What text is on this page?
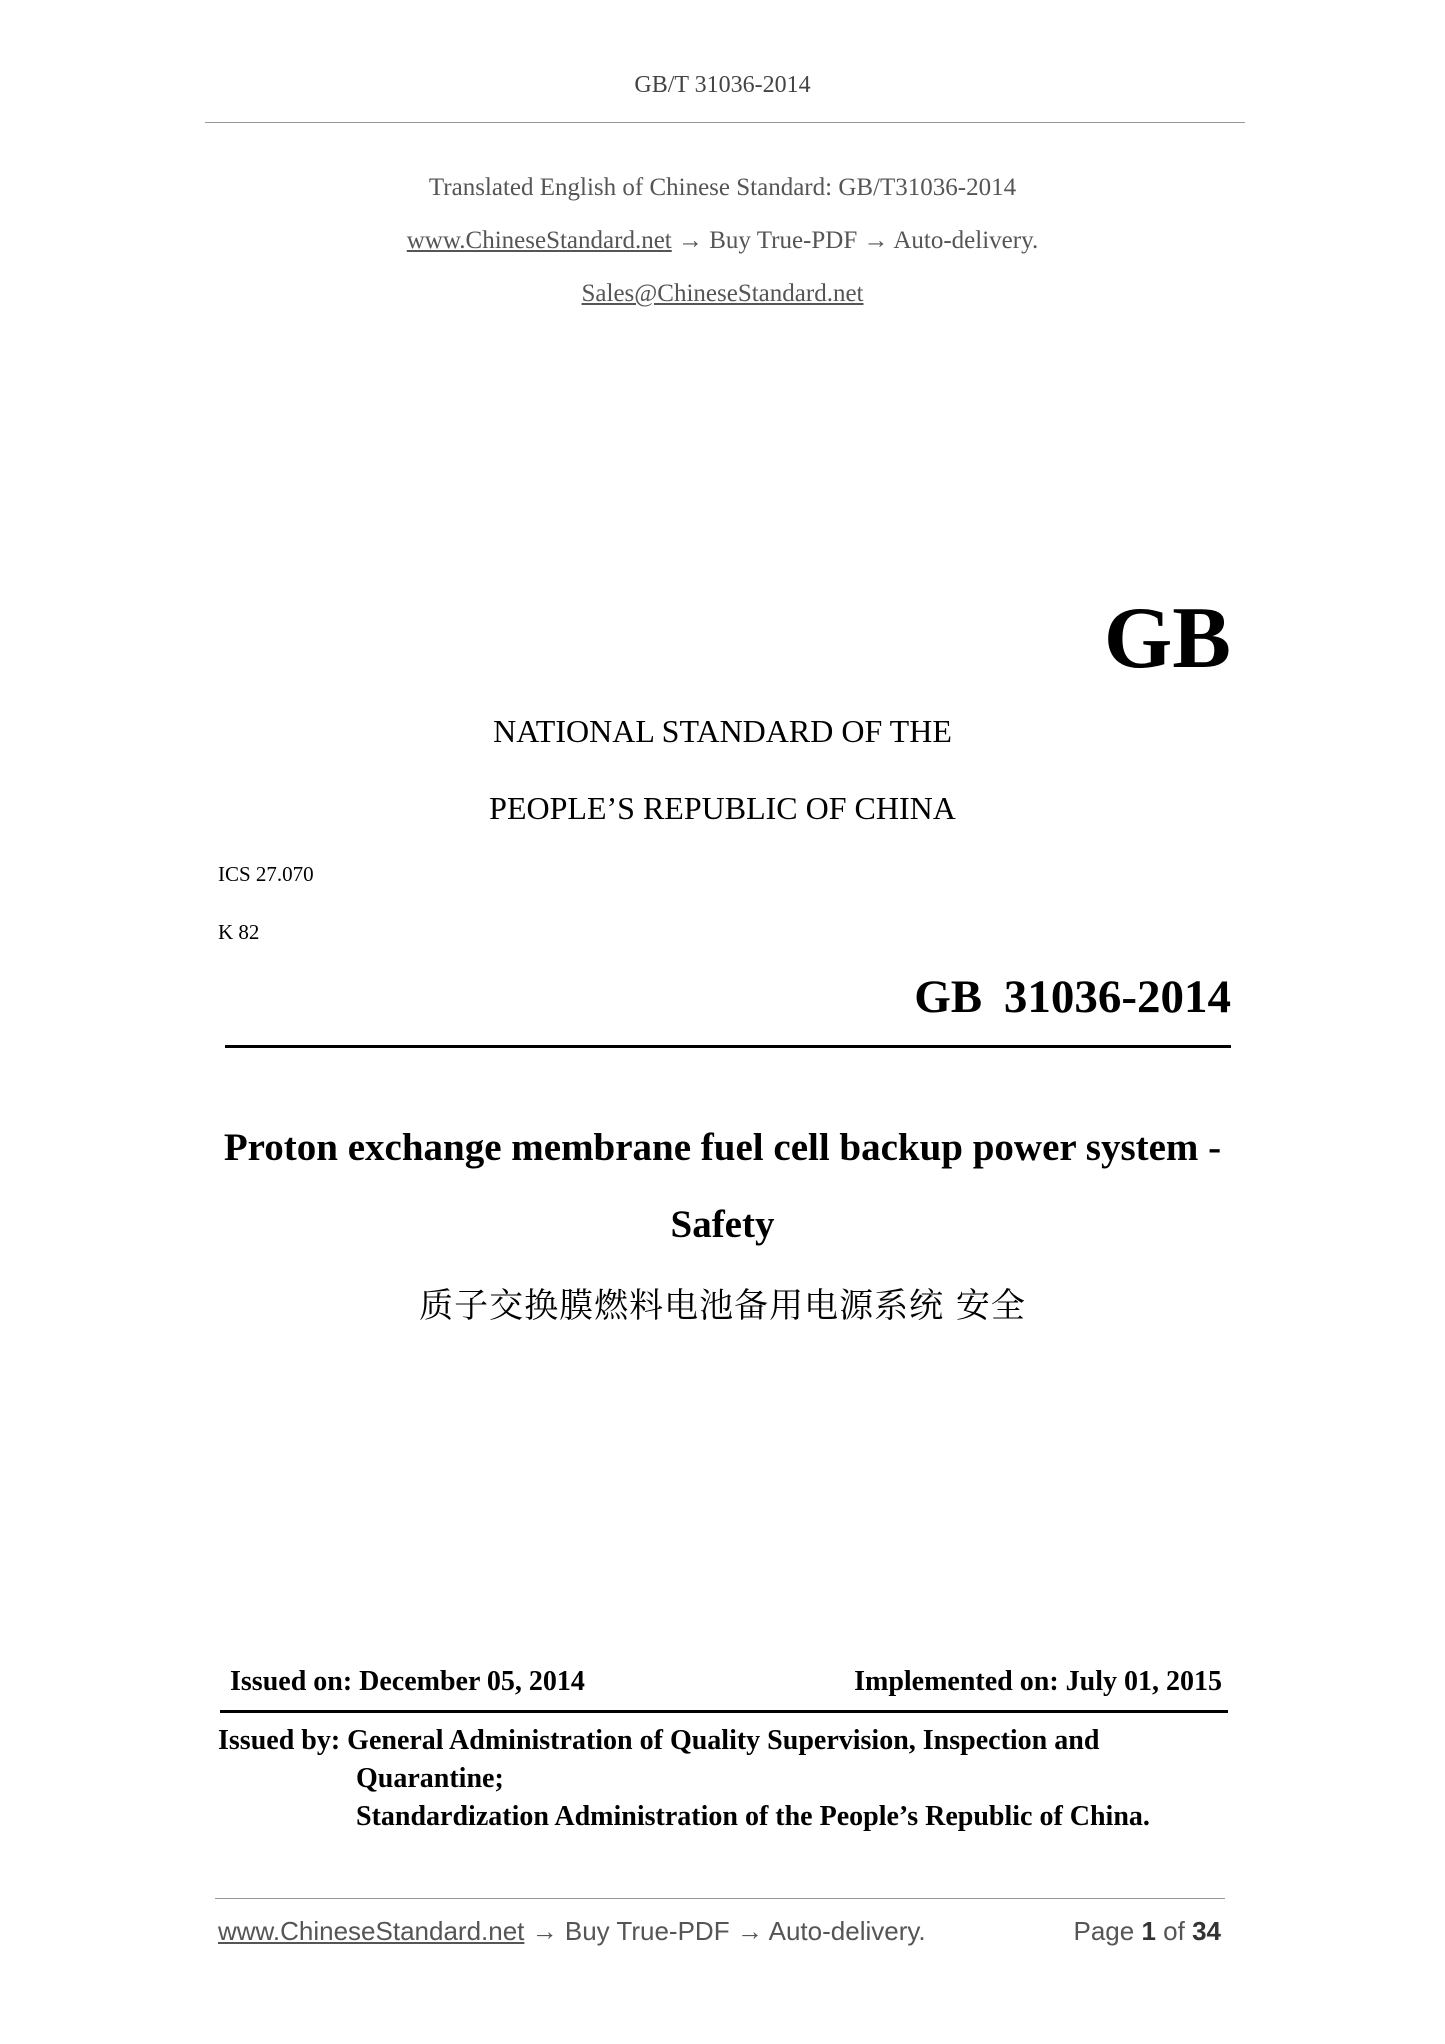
GB/T 31036-2014
Translated English of Chinese Standard: GB/T31036-2014
www.ChineseStandard.net → Buy True-PDF → Auto-delivery.
Sales@ChineseStandard.net
GB
NATIONAL STANDARD OF THE
PEOPLE’S REPUBLIC OF CHINA
ICS 27.070
K 82
GB 31036-2014
Proton exchange membrane fuel cell backup power system -
Safety
质子交换膜燃料电池备用电源系统 安全
Issued on: December 05, 2014	Implemented on: July 01, 2015
Issued by: General Administration of Quality Supervision, Inspection and
Quarantine;
Standardization Administration of the People’s Republic of China.
www.ChineseStandard.net → Buy True-PDF → Auto-delivery.	Page 1 of 34
